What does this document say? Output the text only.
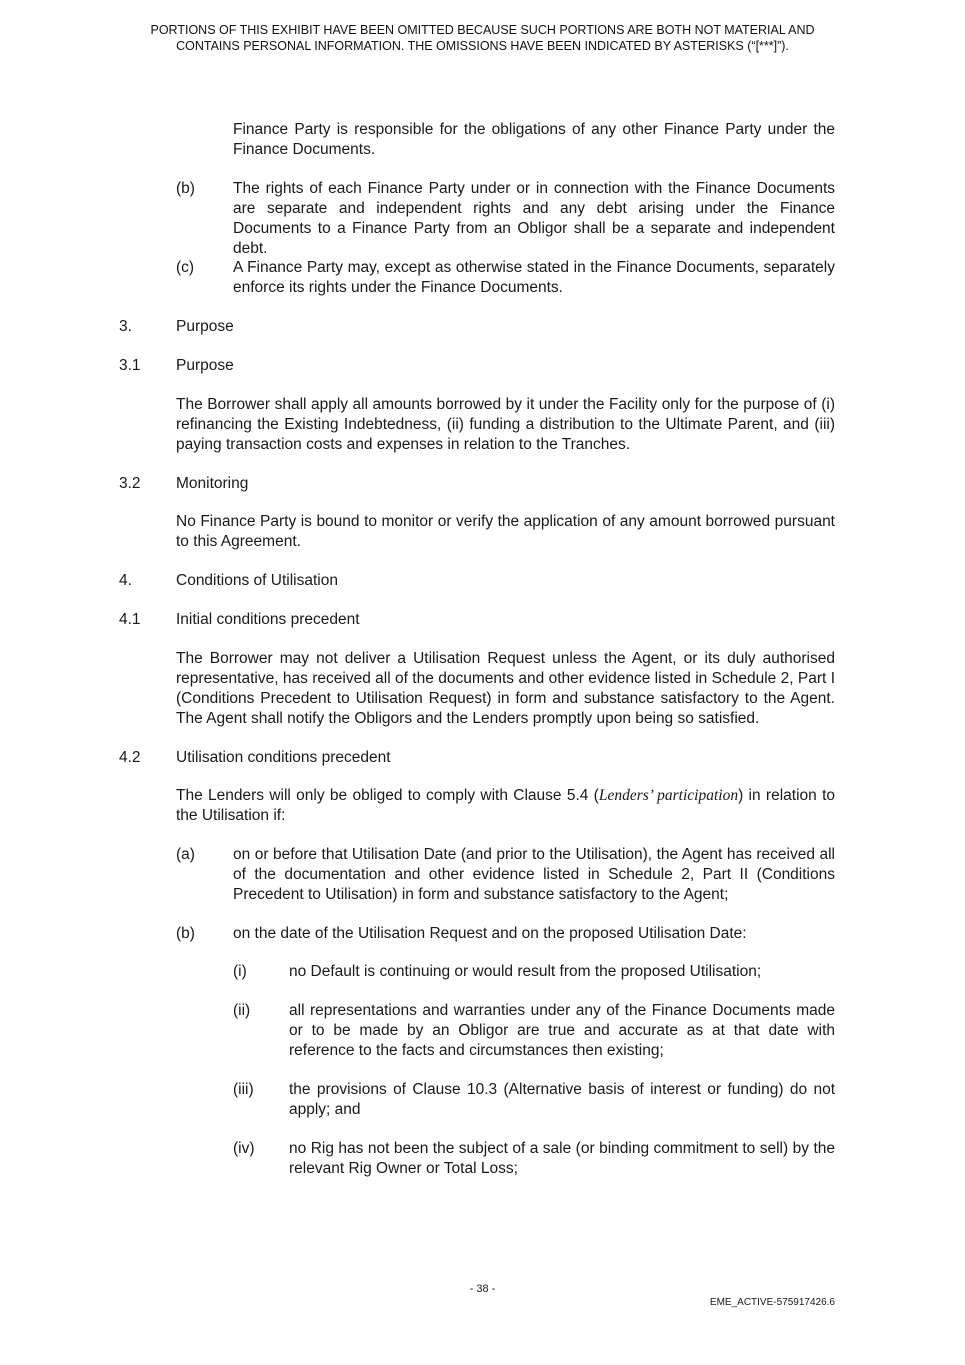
PORTIONS OF THIS EXHIBIT HAVE BEEN OMITTED BECAUSE SUCH PORTIONS ARE BOTH NOT MATERIAL AND
CONTAINS PERSONAL INFORMATION. THE OMISSIONS HAVE BEEN INDICATED BY ASTERISKS (“[***]”).
Finance Party is responsible for the obligations of any other Finance Party under the Finance Documents.
(b) The rights of each Finance Party under or in connection with the Finance Documents are separate and independent rights and any debt arising under the Finance Documents to a Finance Party from an Obligor shall be a separate and independent debt.
(c)	A Finance Party may, except as otherwise stated in the Finance Documents, separately enforce its rights under the Finance Documents.
3.	Purpose
3.1 Purpose
The Borrower shall apply all amounts borrowed by it under the Facility only for the purpose of (i) refinancing the Existing Indebtedness, (ii) funding a distribution to the Ultimate Parent, and (iii) paying transaction costs and expenses in relation to the Tranches.
3.2 Monitoring
No Finance Party is bound to monitor or verify the application of any amount borrowed pursuant to this Agreement.
4.	Conditions of Utilisation
4.1 Initial conditions precedent
The Borrower may not deliver a Utilisation Request unless the Agent, or its duly authorised representative, has received all of the documents and other evidence listed in Schedule 2, Part I (Conditions Precedent to Utilisation Request) in form and substance satisfactory to the Agent. The Agent shall notify the Obligors and the Lenders promptly upon being so satisfied.
4.2 Utilisation conditions precedent
The Lenders will only be obliged to comply with Clause 5.4 (Lenders’ participation) in relation to the Utilisation if:
(a) on or before that Utilisation Date (and prior to the Utilisation), the Agent has received all of the documentation and other evidence listed in Schedule 2, Part II (Conditions Precedent to Utilisation) in form and substance satisfactory to the Agent;
(b) on the date of the Utilisation Request and on the proposed Utilisation Date:
(i)	no Default is continuing or would result from the proposed Utilisation;
(ii)	all representations and warranties under any of the Finance Documents made or to be made by an Obligor are true and accurate as at that date with reference to the facts and circumstances then existing;
(iii) the provisions of Clause 10.3 (Alternative basis of interest or funding) do not apply; and
(iv) no Rig has not been the subject of a sale (or binding commitment to sell) by the relevant Rig Owner or Total Loss;
- 38 -
EME_ACTIVE-575917426.6
